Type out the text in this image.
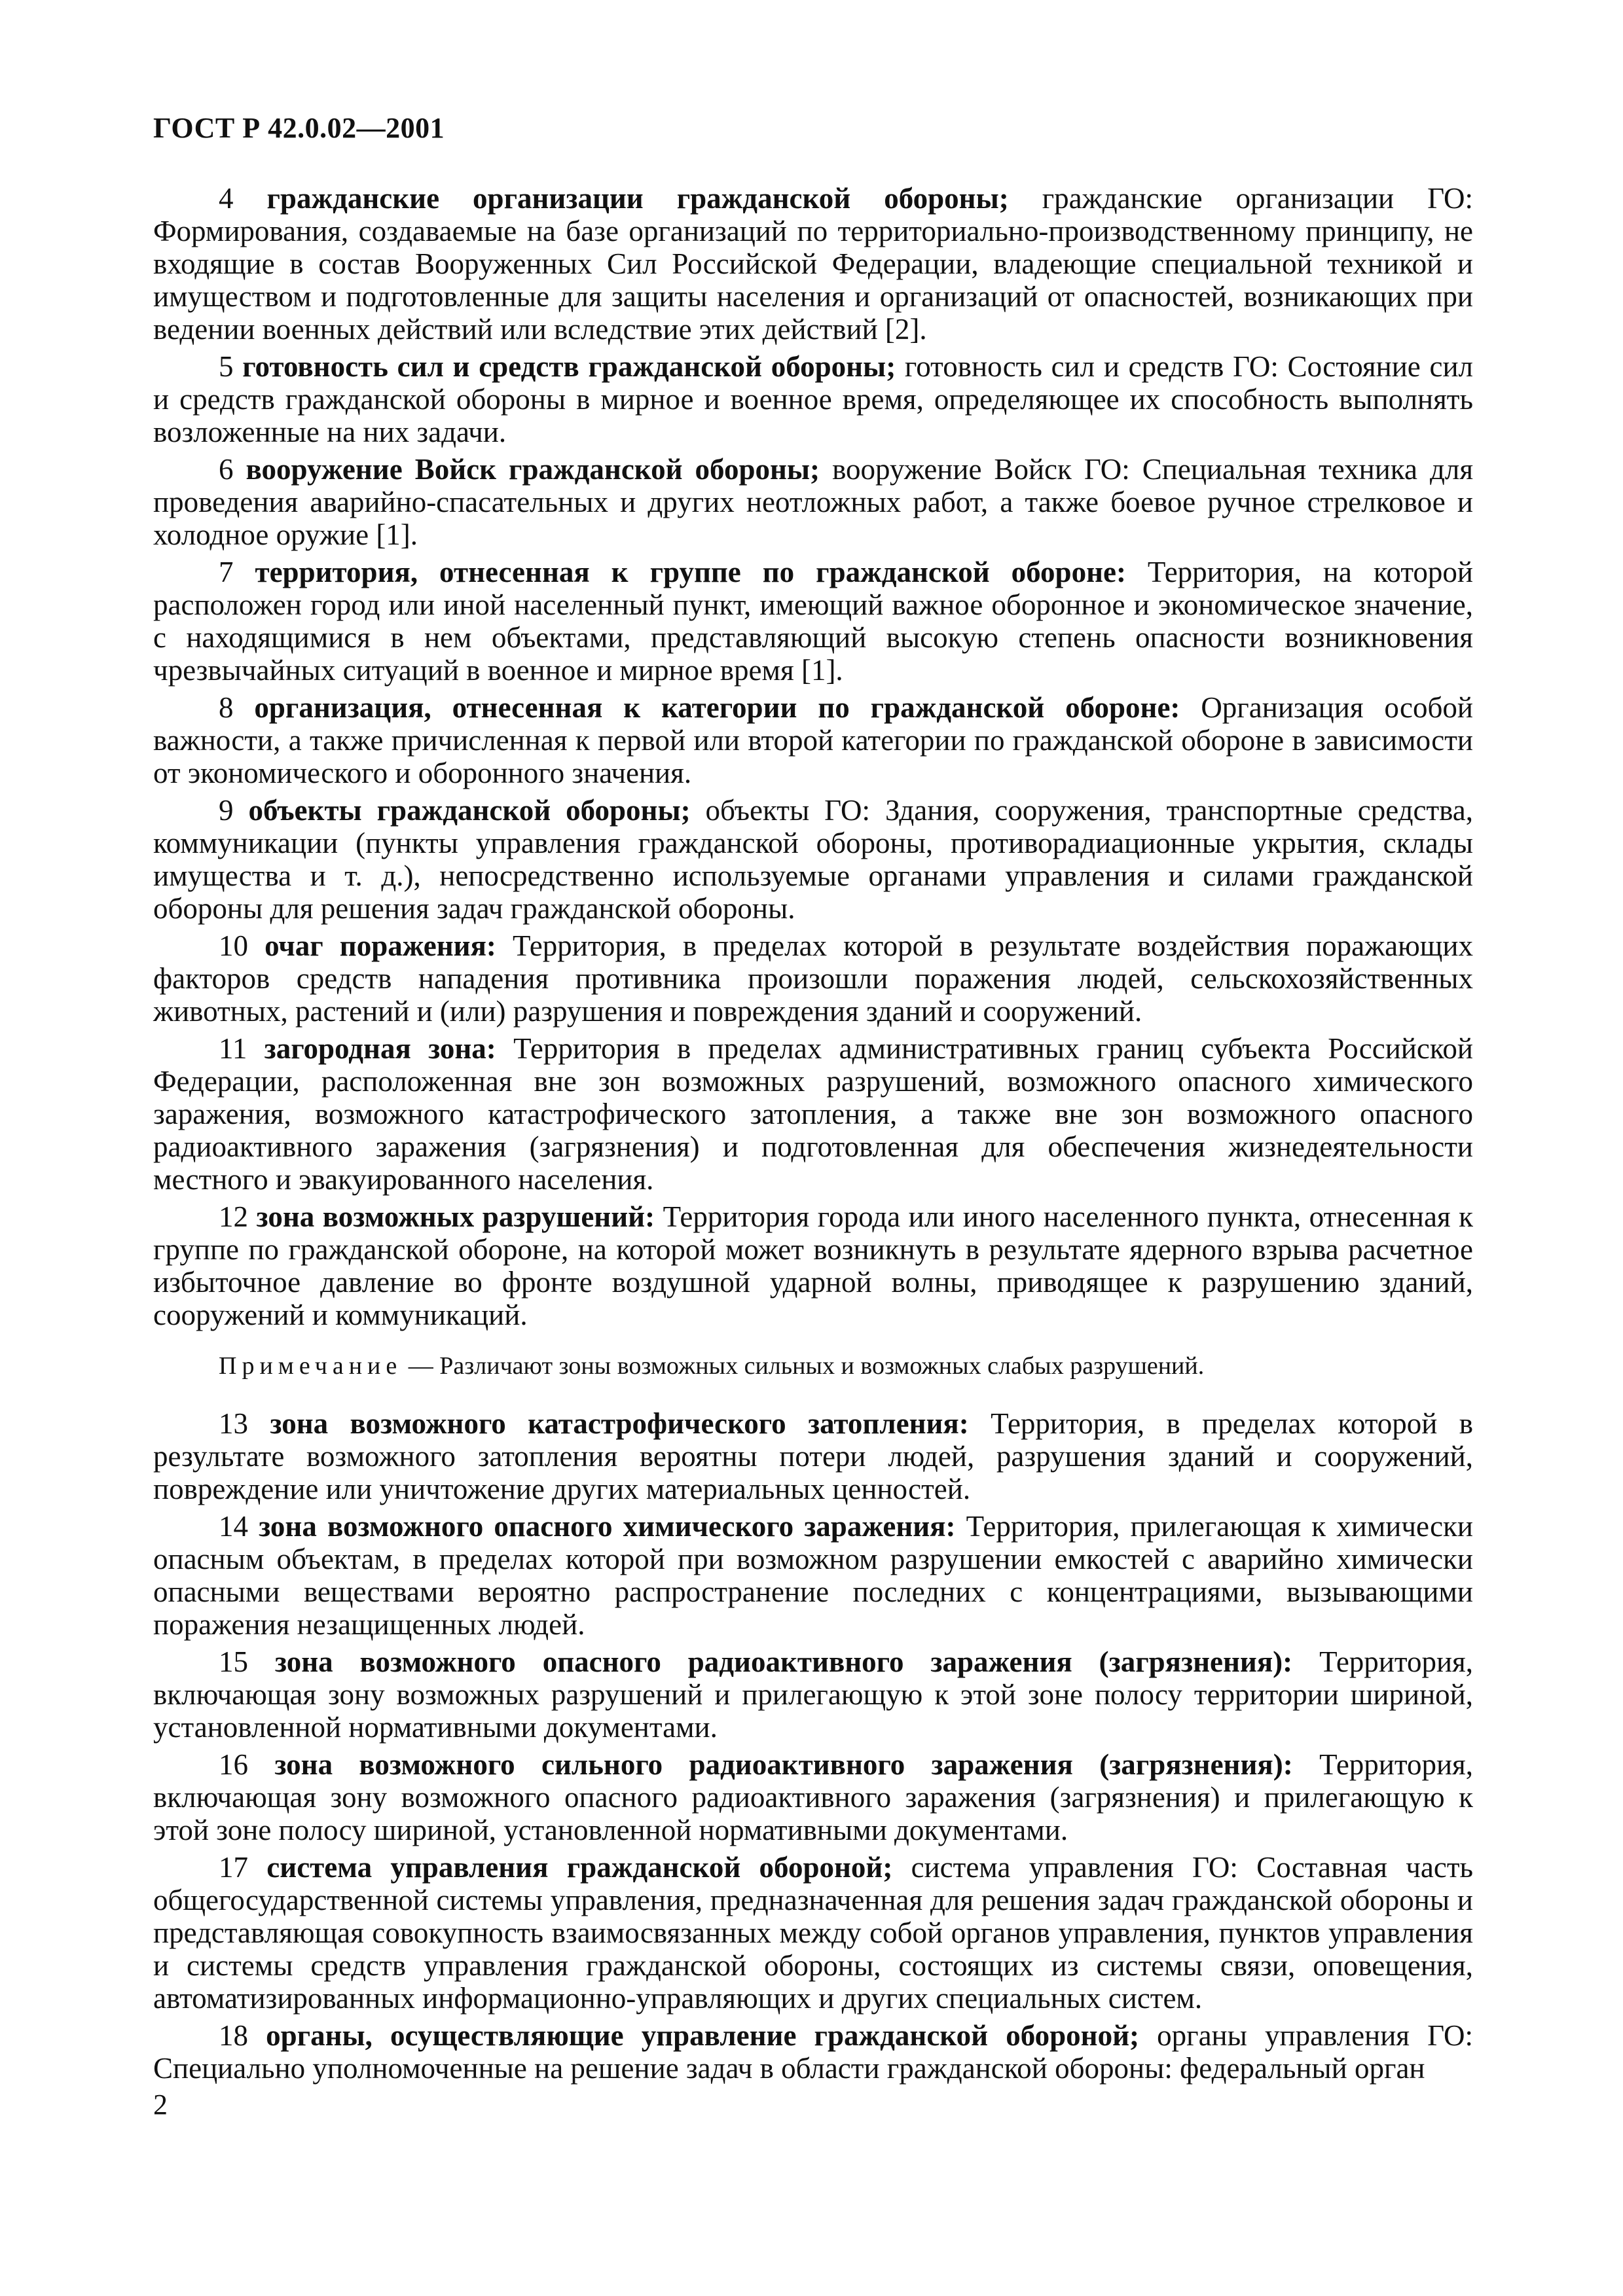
ГОСТ Р 42.0.02—2001

4 гражданские организации гражданской обороны; гражданские организации ГО: Формирования, создаваемые на базе организаций по территориально-производственному принципу, не входящие в состав Вооруженных Сил Российской Федерации, владеющие специальной техникой и имуществом и подготовленные для защиты населения и организаций от опасностей, возникающих при ведении военных действий или вследствие этих действий [2].

5 готовность сил и средств гражданской обороны; готовность сил и средств ГО: Состояние сил и средств гражданской обороны в мирное и военное время, определяющее их способность выполнять возложенные на них задачи.

6 вооружение Войск гражданской обороны; вооружение Войск ГО: Специальная техника для проведения аварийно-спасательных и других неотложных работ, а также боевое ручное стрелковое и холодное оружие [1].

7 территория, отнесенная к группе по гражданской обороне: Территория, на которой расположен город или иной населенный пункт, имеющий важное оборонное и экономическое значение, с находящимися в нем объектами, представляющий высокую степень опасности возникновения чрезвычайных ситуаций в военное и мирное время [1].

8 организация, отнесенная к категории по гражданской обороне: Организация особой важности, а также причисленная к первой или второй категории по гражданской обороне в зависимости от экономического и оборонного значения.

9 объекты гражданской обороны; объекты ГО: Здания, сооружения, транспортные средства, коммуникации (пункты управления гражданской обороны, противорадиационные укрытия, склады имущества и т. д.), непосредственно используемые органами управления и силами гражданской обороны для решения задач гражданской обороны.

10 очаг поражения: Территория, в пределах которой в результате воздействия поражающих факторов средств нападения противника произошли поражения людей, сельскохозяйственных животных, растений и (или) разрушения и повреждения зданий и сооружений.

11 загородная зона: Территория в пределах административных границ субъекта Российской Федерации, расположенная вне зон возможных разрушений, возможного опасного химического заражения, возможного катастрофического затопления, а также вне зон возможного опасного радиоактивного заражения (загрязнения) и подготовленная для обеспечения жизнедеятельности местного и эвакуированного населения.

12 зона возможных разрушений: Территория города или иного населенного пункта, отнесенная к группе по гражданской обороне, на которой может возникнуть в результате ядерного взрыва расчетное избыточное давление во фронте воздушной ударной волны, приводящее к разрушению зданий, сооружений и коммуникаций.

Примечание — Различают зоны возможных сильных и возможных слабых разрушений.

13 зона возможного катастрофического затопления: Территория, в пределах которой в результате возможного затопления вероятны потери людей, разрушения зданий и сооружений, повреждение или уничтожение других материальных ценностей.

14 зона возможного опасного химического заражения: Территория, прилегающая к химически опасным объектам, в пределах которой при возможном разрушении емкостей с аварийно химически опасными веществами вероятно распространение последних с концентрациями, вызывающими поражения незащищенных людей.

15 зона возможного опасного радиоактивного заражения (загрязнения): Территория, включающая зону возможных разрушений и прилегающую к этой зоне полосу территории шириной, установленной нормативными документами.

16 зона возможного сильного радиоактивного заражения (загрязнения): Территория, включающая зону возможного опасного радиоактивного заражения (загрязнения) и прилегающую к этой зоне полосу шириной, установленной нормативными документами.

17 система управления гражданской обороной; система управления ГО: Составная часть общегосударственной системы управления, предназначенная для решения задач гражданской обороны и представляющая совокупность взаимосвязанных между собой органов управления, пунктов управления и системы средств управления гражданской обороны, состоящих из системы связи, оповещения, автоматизированных информационно-управляющих и других специальных систем.

18 органы, осуществляющие управление гражданской обороной; органы управления ГО: Специально уполномоченные на решение задач в области гражданской обороны: федеральный орган

2
